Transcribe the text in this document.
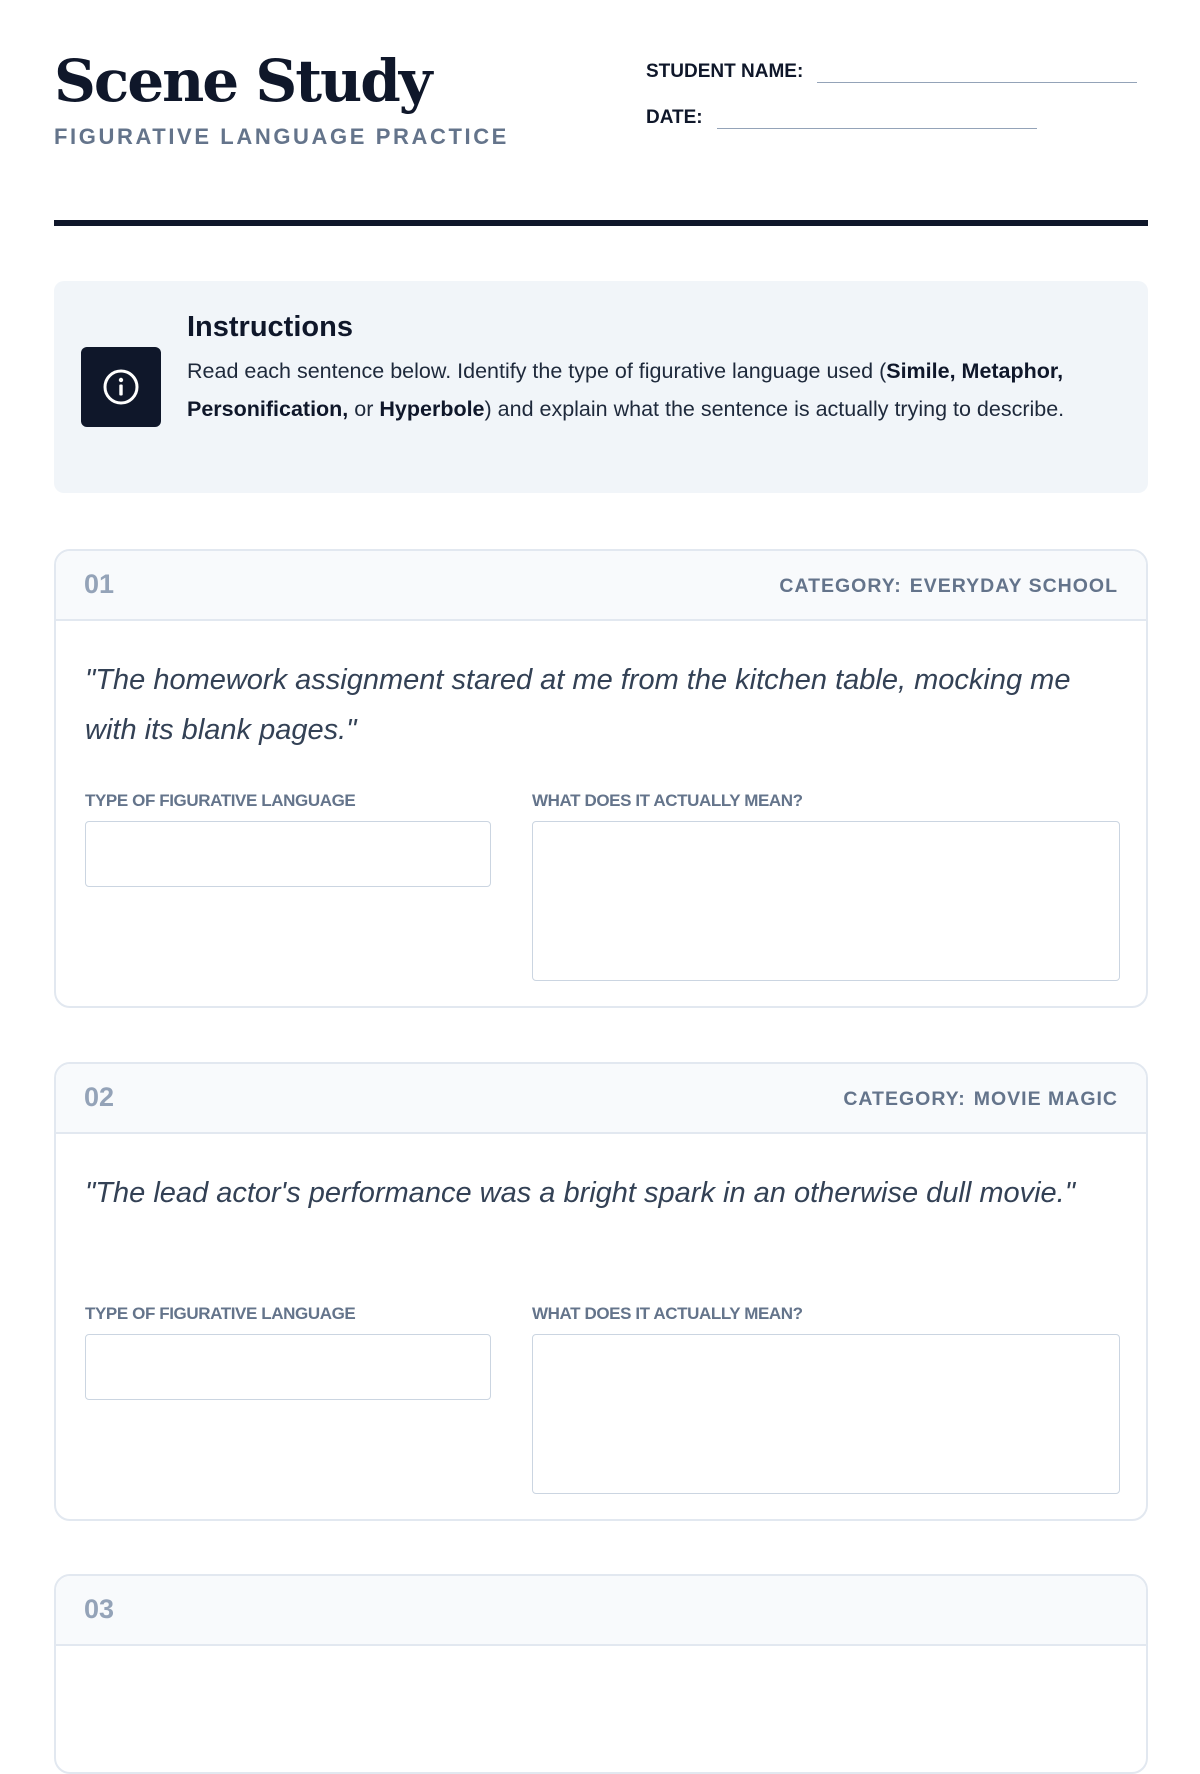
Scene Study
FIGURATIVE LANGUAGE PRACTICE
STUDENT NAME:
DATE:
Instructions

Read each sentence below. Identify the type of figurative language used (Simile, Metaphor, Personification, or Hyperbole) and explain what the sentence is actually trying to describe.

01	CATEGORY: EVERYDAY SCHOOL
"The homework assignment stared at me from the kitchen table, mocking me with its blank pages."
TYPE OF FIGURATIVE LANGUAGE	WHAT DOES IT ACTUALLY MEAN?
02	CATEGORY: MOVIE MAGIC
"The lead actor's performance was a bright spark in an otherwise dull movie."
TYPE OF FIGURATIVE LANGUAGE	WHAT DOES IT ACTUALLY MEAN?
03
